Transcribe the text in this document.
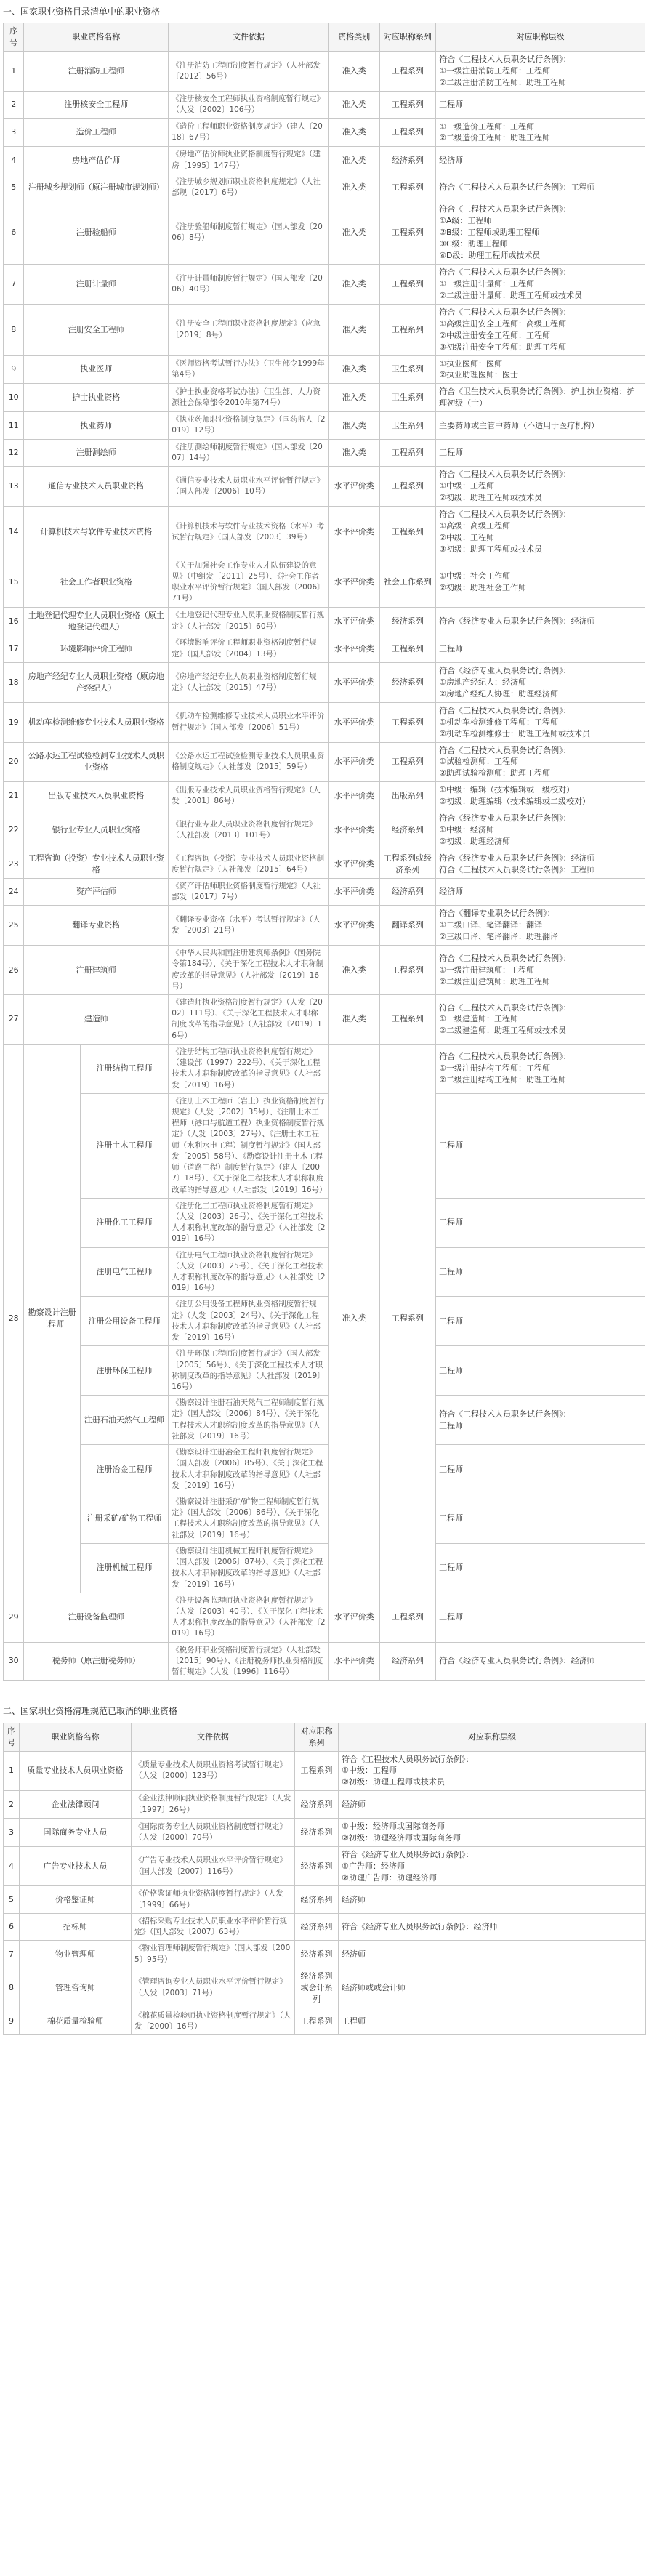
一、国家职业资格目录清单中的职业资格
序号	职业资格名称		文件依据	资格类别	对应职称系列	对应职称层级
1	注册消防工程师		《注册消防工程师制度暂行规定》（人社部发〔2012〕56号）	准入类	工程系列	符合《工程技术人员职务试行条例》：
①一级注册消防工程师：工程师
②二级注册消防工程师：助理工程师

2	注册核安全工程师		《注册核安全工程师执业资格制度暂行规定》（人发〔2002〕106号）	准入类	工程系列	工程师

3	造价工程师		《造价工程师职业资格制度规定》（建人〔2018〕67号）	准入类	工程系列	①一级造价工程师：工程师
②二级造价工程师：助理工程师

4	房地产估价师		《房地产估价师执业资格制度暂行规定》（建房〔1995〕147号）	准入类	经济系列	经济师

5	注册城乡规划师（原注册城市规划师）		《注册城乡规划师职业资格制度规定》（人社部规〔2017〕6号）	准入类	工程系列	符合《工程技术人员职务试行条例》：工程师

6	注册验船师		《注册验船师制度暂行规定》（国人部发〔2006〕8号）	准入类	工程系列	符合《工程技术人员职务试行条例》：
①A级：工程师
②B级：工程师或助理工程师
③C级：助理工程师
④D级：助理工程师或技术员

7	注册计量师		《注册计量师制度暂行规定》（国人部发〔2006〕40号）	准入类	工程系列	符合《工程技术人员职务试行条例》：
①一级注册计量师：工程师
②二级注册计量师：助理工程师或技术员

8	注册安全工程师		《注册安全工程师职业资格制度规定》（应急〔2019〕8号）	准入类	工程系列	符合《工程技术人员职务试行条例》：
①高级注册安全工程师：高级工程师
②中级注册安全工程师：工程师
③初级注册安全工程师：助理工程师

9	执业医师		《医师资格考试暂行办法》（卫生部令1999年第4号）	准入类	卫生系列	①执业医师：医师
②执业助理医师：医士

10	护士执业资格		《护士执业资格考试办法》（卫生部、人力资源社会保障部令2010年第74号）	准入类	卫生系列	符合《卫生技术人员职务试行条例》：护士执业资格：护理初级（士）

11	执业药师		《执业药师职业资格制度规定》（国药监人〔2019〕12号）	准入类	卫生系列	主要药师或主管中药师（不适用于医疗机构）

12	注册测绘师		《注册测绘师制度暂行规定》（国人部发〔2007〕14号）	准入类	工程系列	工程师

13	通信专业技术人员职业资格		《通信专业技术人员职业水平评价暂行规定》（国人部发〔2006〕10号）	水平评价类	工程系列	符合《工程技术人员职务试行条例》：
①中级：工程师
②初级：助理工程师或技术员

14	计算机技术与软件专业技术资格		《计算机技术与软件专业技术资格（水平）考试暂行规定》（国人部发〔2003〕39号）	水平评价类	工程系列	符合《工程技术人员职务试行条例》：
①高级：高级工程师
②中级：工程师
③初级：助理工程师或技术员

15	社会工作者职业资格		《关于加强社会工作专业人才队伍建设的意见》（中组发〔2011〕25号）、《社会工作者职业水平评价暂行规定》（国人部发〔2006〕71号）	水平评价类	社会工作系列	①中级：社会工作师
②初级：助理社会工作师

16	土地登记代理专业人员职业资格（原土地登记代理人）		《土地登记代理专业人员职业资格制度暂行规定》（人社部发〔2015〕60号）	水平评价类	经济系列	符合《经济专业人员职务试行条例》：经济师

17	环境影响评价工程师		《环境影响评价工程师职业资格制度暂行规定》（国人部发〔2004〕13号）	水平评价类	工程系列	工程师

18	房地产经纪专业人员职业资格（原房地产经纪人）		《房地产经纪专业人员职业资格制度暂行规定》（人社部发〔2015〕47号）	水平评价类	经济系列	符合《经济专业人员职务试行条例》：
①房地产经纪人：经济师
②房地产经纪人协理：助理经济师

19	机动车检测维修专业技术人员职业资格		《机动车检测维修专业技术人员职业水平评价暂行规定》（国人部发〔2006〕51号）	水平评价类	工程系列	符合《工程技术人员职务试行条例》：
①机动车检测维修工程师：工程师
②机动车检测维修士：助理工程师或技术员

20	公路水运工程试验检测专业技术人员职业资格		《公路水运工程试验检测专业技术人员职业资格制度规定》（人社部发〔2015〕59号）	水平评价类	工程系列	符合《工程技术人员职务试行条例》：
①试验检测师：工程师
②助理试验检测师：助理工程师

21	出版专业技术人员职业资格		《出版专业技术人员职业资格暂行规定》（人发〔2001〕86号）	水平评价类	出版系列	①中级：编辑（技术编辑或一级校对）
②初级：助理编辑（技术编辑或二级校对）

22	银行业专业人员职业资格		《银行业专业人员职业资格制度暂行规定》（人社部发〔2013〕101号）	水平评价类	经济系列	符合《经济专业人员职务试行条例》：
①中级：经济师
②初级：助理经济师

23	工程咨询（投资）专业技术人员职业资格		《工程咨询（投资）专业技术人员职业资格制度暂行规定》（人社部发〔2015〕64号）	水平评价类	工程系列或经济系列	符合《经济专业人员职务试行条例》：经济师
符合《工程技术人员职务试行条例》：工程师

24	资产评估师		《资产评估师职业资格制度暂行规定》（人社部发〔2017〕7号）	水平评价类	经济系列	经济师

25	翻译专业资格		《翻译专业资格（水平）考试暂行规定》（人发〔2003〕21号）	水平评价类	翻译系列	符合《翻译专业职务试行条例》：
①二级口译、笔译翻译：翻译
②三级口译、笔译翻译：助理翻译

26	注册建筑师		《中华人民共和国注册建筑师条例》（国务院令第184号）、《关于深化工程技术人才职称制度改革的指导意见》（人社部发〔2019〕16号）	准入类	工程系列	符合《工程技术人员职务试行条例》：
①一级注册建筑师：工程师
②二级注册建筑师：助理工程师

27	建造师		《建造师执业资格制度暂行规定》（人发〔2002〕111号）、《关于深化工程技术人才职称制度改革的指导意见》（人社部发〔2019〕16号）	准入类	工程系列	符合《工程技术人员职务试行条例》：
①一级建造师：工程师
②二级建造师：助理工程师或技术员

28	勘察设计注册工程师	注册结构工程师	《注册结构工程师执业资格制度暂行规定》（建设部（1997）222号）、《关于深化工程技术人才职称制度改革的指导意见》（人社部发〔2019〕16号）	准入类	工程系列	符合《工程技术人员职务试行条例》：
①一级注册结构工程师：工程师
②二级注册结构工程师：助理工程师

		注册土木工程师	《注册土木工程师（岩土）执业资格制度暂行规定》（人发〔2002〕35号）、《注册土木工程师（港口与航道工程）执业资格制度暂行规定》（人发〔2003〕27号）、《注册土木工程师（水利水电工程）制度暂行规定》（国人部发〔2005〕58号）、《勘察设计注册土木工程师（道路工程）制度暂行规定》（建人〔2007〕18号）、《关于深化工程技术人才职称制度改革的指导意见》（人社部发〔2019〕16号）			工程师

		注册化工工程师	《注册化工工程师执业资格制度暂行规定》（人发〔2003〕26号）、《关于深化工程技术人才职称制度改革的指导意见》（人社部发〔2019〕16号）			工程师

		注册电气工程师	《注册电气工程师执业资格制度暂行规定》（人发〔2003〕25号）、《关于深化工程技术人才职称制度改革的指导意见》（人社部发〔2019〕16号）			工程师

		注册公用设备工程师	《注册公用设备工程师执业资格制度暂行规定》（人发〔2003〕24号）、《关于深化工程技术人才职称制度改革的指导意见》（人社部发〔2019〕16号）			工程师

		注册环保工程师	《注册环保工程师制度暂行规定》（国人部发〔2005〕56号）、《关于深化工程技术人才职称制度改革的指导意见》（人社部发〔2019〕16号）			工程师

		注册石油天然气工程师	《勘察设计注册石油天然气工程师制度暂行规定》（国人部发〔2006〕84号）、《关于深化工程技术人才职称制度改革的指导意见》（人社部发〔2019〕16号）			符合《工程技术人员职务试行条例》：
工程师

		注册冶金工程师	《勘察设计注册冶金工程师制度暂行规定》（国人部发〔2006〕85号）、《关于深化工程技术人才职称制度改革的指导意见》（人社部发〔2019〕16号）			工程师

		注册采矿/矿物工程师	《勘察设计注册采矿/矿物工程师制度暂行规定》（国人部发〔2006〕86号）、《关于深化工程技术人才职称制度改革的指导意见》（人社部发〔2019〕16号）			工程师

		注册机械工程师	《勘察设计注册机械工程师制度暂行规定》（国人部发〔2006〕87号）、《关于深化工程技术人才职称制度改革的指导意见》（人社部发〔2019〕16号）			工程师

29	注册设备监理师		《注册设备监理师执业资格制度暂行规定》（人发〔2003〕40号）、《关于深化工程技术人才职称制度改革的指导意见》（人社部发〔2019〕16号）	水平评价类	工程系列	工程师

30	税务师（原注册税务师）		《税务师职业资格制度暂行规定》（人社部发〔2015〕90号）、《注册税务师执业资格制度暂行规定》（人发〔1996〕116号）	水平评价类	经济系列	符合《经济专业人员职务试行条例》：经济师
二、国家职业资格清理规范已取消的职业资格
序号	职业资格名称	文件依据	对应职称系列	对应职称层级
1	质量专业技术人员职业资格	《质量专业技术人员职业资格考试暂行规定》（人发〔2000〕123号）	工程系列	符合《工程技术人员职务试行条例》：
①中级：工程师
②初级：助理工程师或技术员

2	企业法律顾问	《企业法律顾问执业资格制度暂行规定》（人发〔1997〕26号）	经济系列	经济师

3	国际商务专业人员	《国际商务专业人员职业资格制度暂行规定》（人发〔2000〕70号）	经济系列	①中级：经济师或国际商务师
②初级：助理经济师或国际商务师

4	广告专业技术人员	《广告专业技术人员职业水平评价暂行规定》（国人部发〔2007〕116号）	经济系列	符合《经济专业人员职务试行条例》：
①广告师：经济师
②助理广告师：助理经济师

5	价格鉴证师	《价格鉴证师执业资格制度暂行规定》（人发〔1999〕66号）	经济系列	经济师

6	招标师	《招标采购专业技术人员职业水平评价暂行规定》（国人部发〔2007〕63号）	经济系列	符合《经济专业人员职务试行条例》：经济师

7	物业管理师	《物业管理师制度暂行规定》（国人部发〔2005〕95号）	经济系列	经济师

8	管理咨询师	《管理咨询专业人员职业水平评价暂行规定》（人发〔2003〕71号）	经济系列或会计系列	经济师或或会计师

9	棉花质量检验师	《棉花质量检验师执业资格制度暂行规定》（人发〔2000〕16号）	工程系列	工程师
